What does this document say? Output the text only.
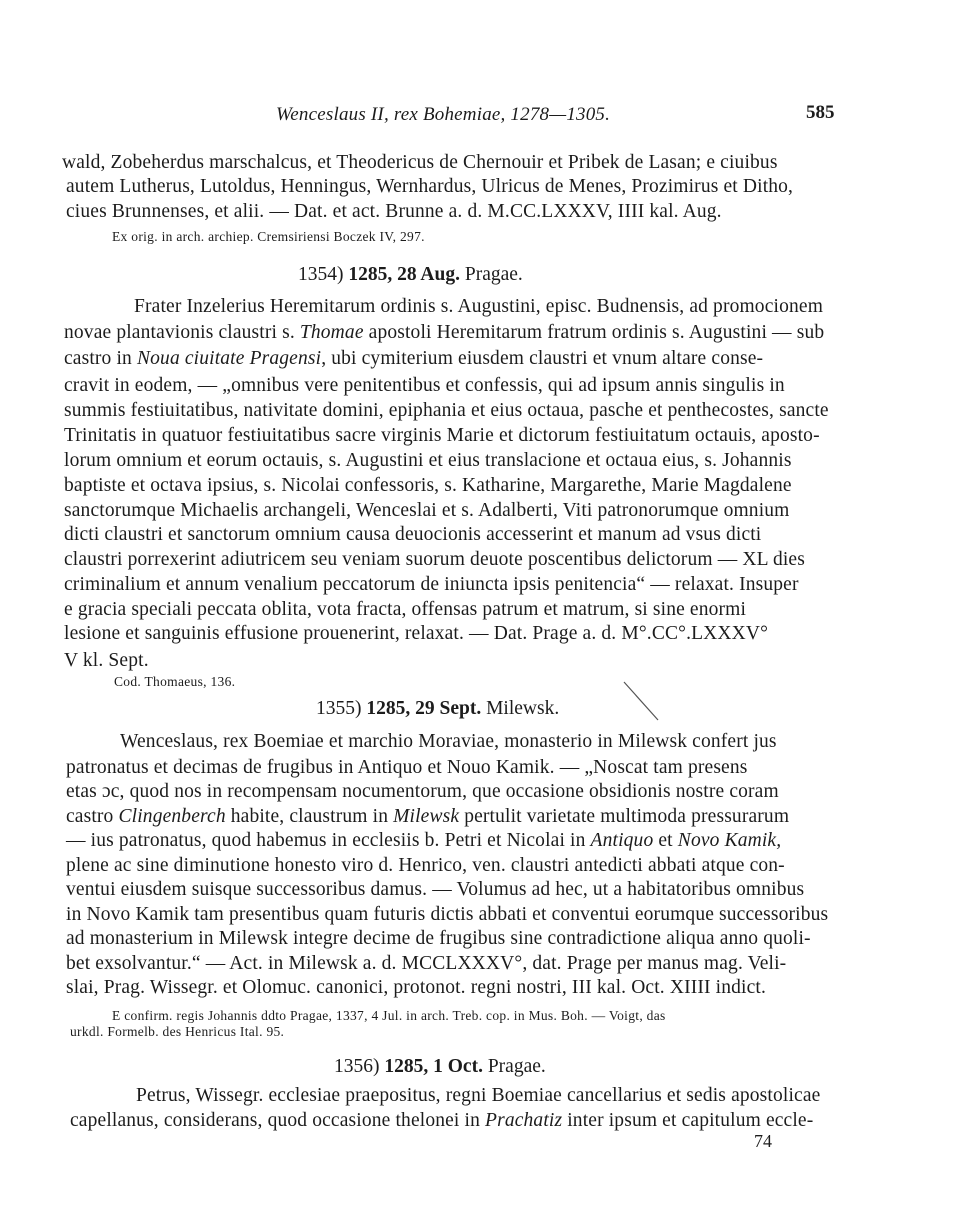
Wenceslaus II, rex Bohemiae, 1278—1305.	585
wald, Zobeherdus marschalcus, et Theodericus de Chernouir et Pribek de Lasan; e ciuibus
autem Lutherus, Lutoldus, Henningus, Wernhardus, Ulricus de Menes, Prozimirus et Ditho,
ciues Brunnenses, et alii. — Dat. et act. Brunne a. d. M.CC.LXXXV, IIII kal. Aug.
Ex orig. in arch. archiep. Cremsiriensi Boczek IV, 297.
1354) 1285, 28 Aug. Pragae.
Frater Inzelerius Heremitarum ordinis s. Augustini, episc. Budnensis, ad promocionem
novae plantavionis claustri s. Thomae apostoli Heremitarum fratrum ordinis s. Augustini — sub
castro in Noua ciuitate Pragensi, ubi cymiterium eiusdem claustri et vnum altare conse-
cravit in eodem, — „omnibus vere penitentibus et confessis, qui ad ipsum annis singulis in
summis festiuitatibus, nativitate domini, epiphania et eius octaua, pasche et penthecostes, sancte
Trinitatis in quatuor festiuitatibus sacre virginis Marie et dictorum festiuitatum octauis, aposto-
lorum omnium et eorum octauis, s. Augustini et eius translacione et octaua eius, s. Johannis
baptiste et octava ipsius, s. Nicolai confessoris, s. Katharine, Margarethe, Marie Magdalene
sanctorumque Michaelis archangeli, Wenceslai et s. Adalberti, Viti patronorumque omnium
dicti claustri et sanctorum omnium causa deuocionis accesserint et manum ad vsus dicti
claustri porrexerint adiutricem seu veniam suorum deuote poscentibus delictorum — XL dies
criminalium et annum venalium peccatorum de iniuncta ipsis penitencia“ — relaxat. Insuper
e gracia speciali peccata oblita, vota fracta, offensas patrum et matrum, si sine enormi
lesione et sanguinis effusione prouenerint, relaxat. — Dat. Prage a. d. M°.CC°.LXXXV°
V kl. Sept.
Cod. Thomaeus, 136.
1355) 1285, 29 Sept. Milewsk.
Wenceslaus, rex Boemiae et marchio Moraviae, monasterio in Milewsk confert jus
patronatus et decimas de frugibus in Antiquo et Nouo Kamik. — „Noscat tam presens
etas ɔc, quod nos in recompensam nocumentorum, que occasione obsidionis nostre coram
castro Clingenberch habite, claustrum in Milewsk pertulit varietate multimoda pressurarum
— ius patronatus, quod habemus in ecclesiis b. Petri et Nicolai in Antiquo et Novo Kamik,
plene ac sine diminutione honesto viro d. Henrico, ven. claustri antedicti abbati atque con-
ventui eiusdem suisque successoribus damus. — Volumus ad hec, ut a habitatoribus omnibus
in Novo Kamik tam presentibus quam futuris dictis abbati et conventui eorumque successoribus
ad monasterium in Milewsk integre decime de frugibus sine contradictione aliqua anno quoli-
bet exsolvantur.“ — Act. in Milewsk a. d. MCCLXXXV°, dat. Prage per manus mag. Veli-
slai, Prag. Wissegr. et Olomuc. canonici, protonot. regni nostri, III kal. Oct. XIIII indict.
E confirm. regis Johannis ddto Pragae, 1337, 4 Jul. in arch. Treb. cop. in Mus. Boh. — Voigt, das
urkdl. Formelb. des Henricus Ital. 95.
1356) 1285, 1 Oct. Pragae.
Petrus, Wissegr. ecclesiae praepositus, regni Boemiae cancellarius et sedis apostolicae
capellanus, considerans, quod occasione thelonei in Prachatiz inter ipsum et capitulum eccle-
74
